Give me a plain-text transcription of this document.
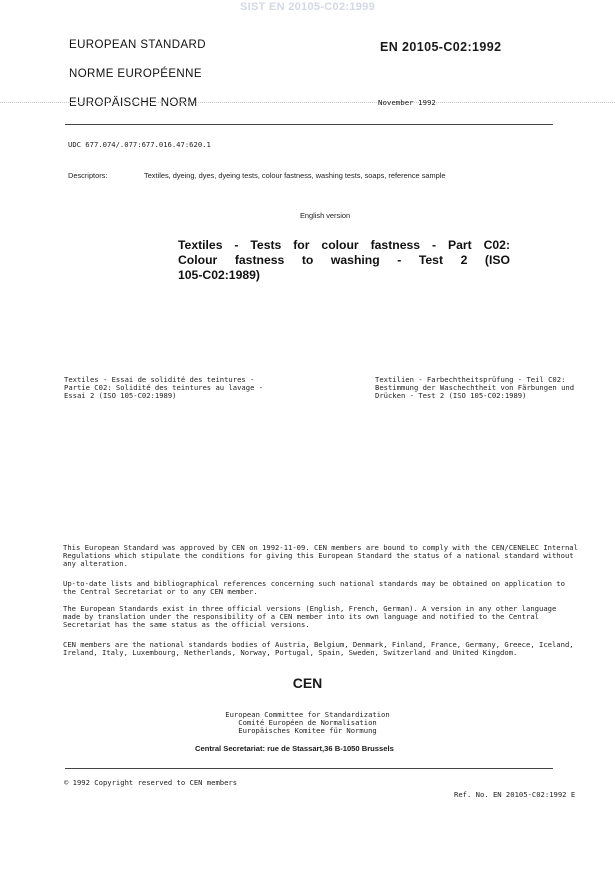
SIST EN 20105-C02:1999
EUROPEAN STANDARD
NORME EUROPÉENNE
EUROPÄISCHE NORM
EN 20105-C02:1992
November 1992
UDC 677.074/.077:677.016.47:620.1
Descriptors:	Textiles, dyeing, dyes, dyeing tests, colour fastness, washing tests, soaps, reference sample
English version
Textiles - Tests for colour fastness - Part C02:
Colour fastness to washing - Test 2 (ISO
105-C02:1989)
Textiles - Essai de solidité des teintures -
Partie C02: Solidité des teintures au lavage -
Essai 2 (ISO 105-C02:1989)
Textilien - Farbechtheitsprüfung - Teil C02:
Bestimmung der Waschechtheit von Färbungen und
Drücken - Test 2 (ISO 105-C02:1989)

This European Standard was approved by CEN on 1992-11-09. CEN members are bound to comply with the CEN/CENELEC Internal

Regulations which stipulate the conditions for giving this European Standard the status of a national standard without

any alteration.

Up-to-date lists and bibliographical references concerning such national standards may be obtained on application to

the Central Secretariat or to any CEN member.

The European Standards exist in three official versions (English, French, German). A version in any other language

made by translation under the responsibility of a CEN member into its own language and notified to the Central

Secretariat has the same status as the official versions.

CEN members are the national standards bodies of Austria, Belgium, Denmark, Finland, France, Germany, Greece, Iceland,

Ireland, Italy, Luxembourg, Netherlands, Norway, Portugal, Spain, Sweden, Switzerland and United Kingdom.

CEN

European Committee for Standardization

Comité Européen de Normalisation

Europäisches Komitee für Normung

Central Secretariat: rue de Stassart,36 B-1050 Brussels
© 1992 Copyright reserved to CEN members
Ref. No. EN 20105-C02:1992 E
